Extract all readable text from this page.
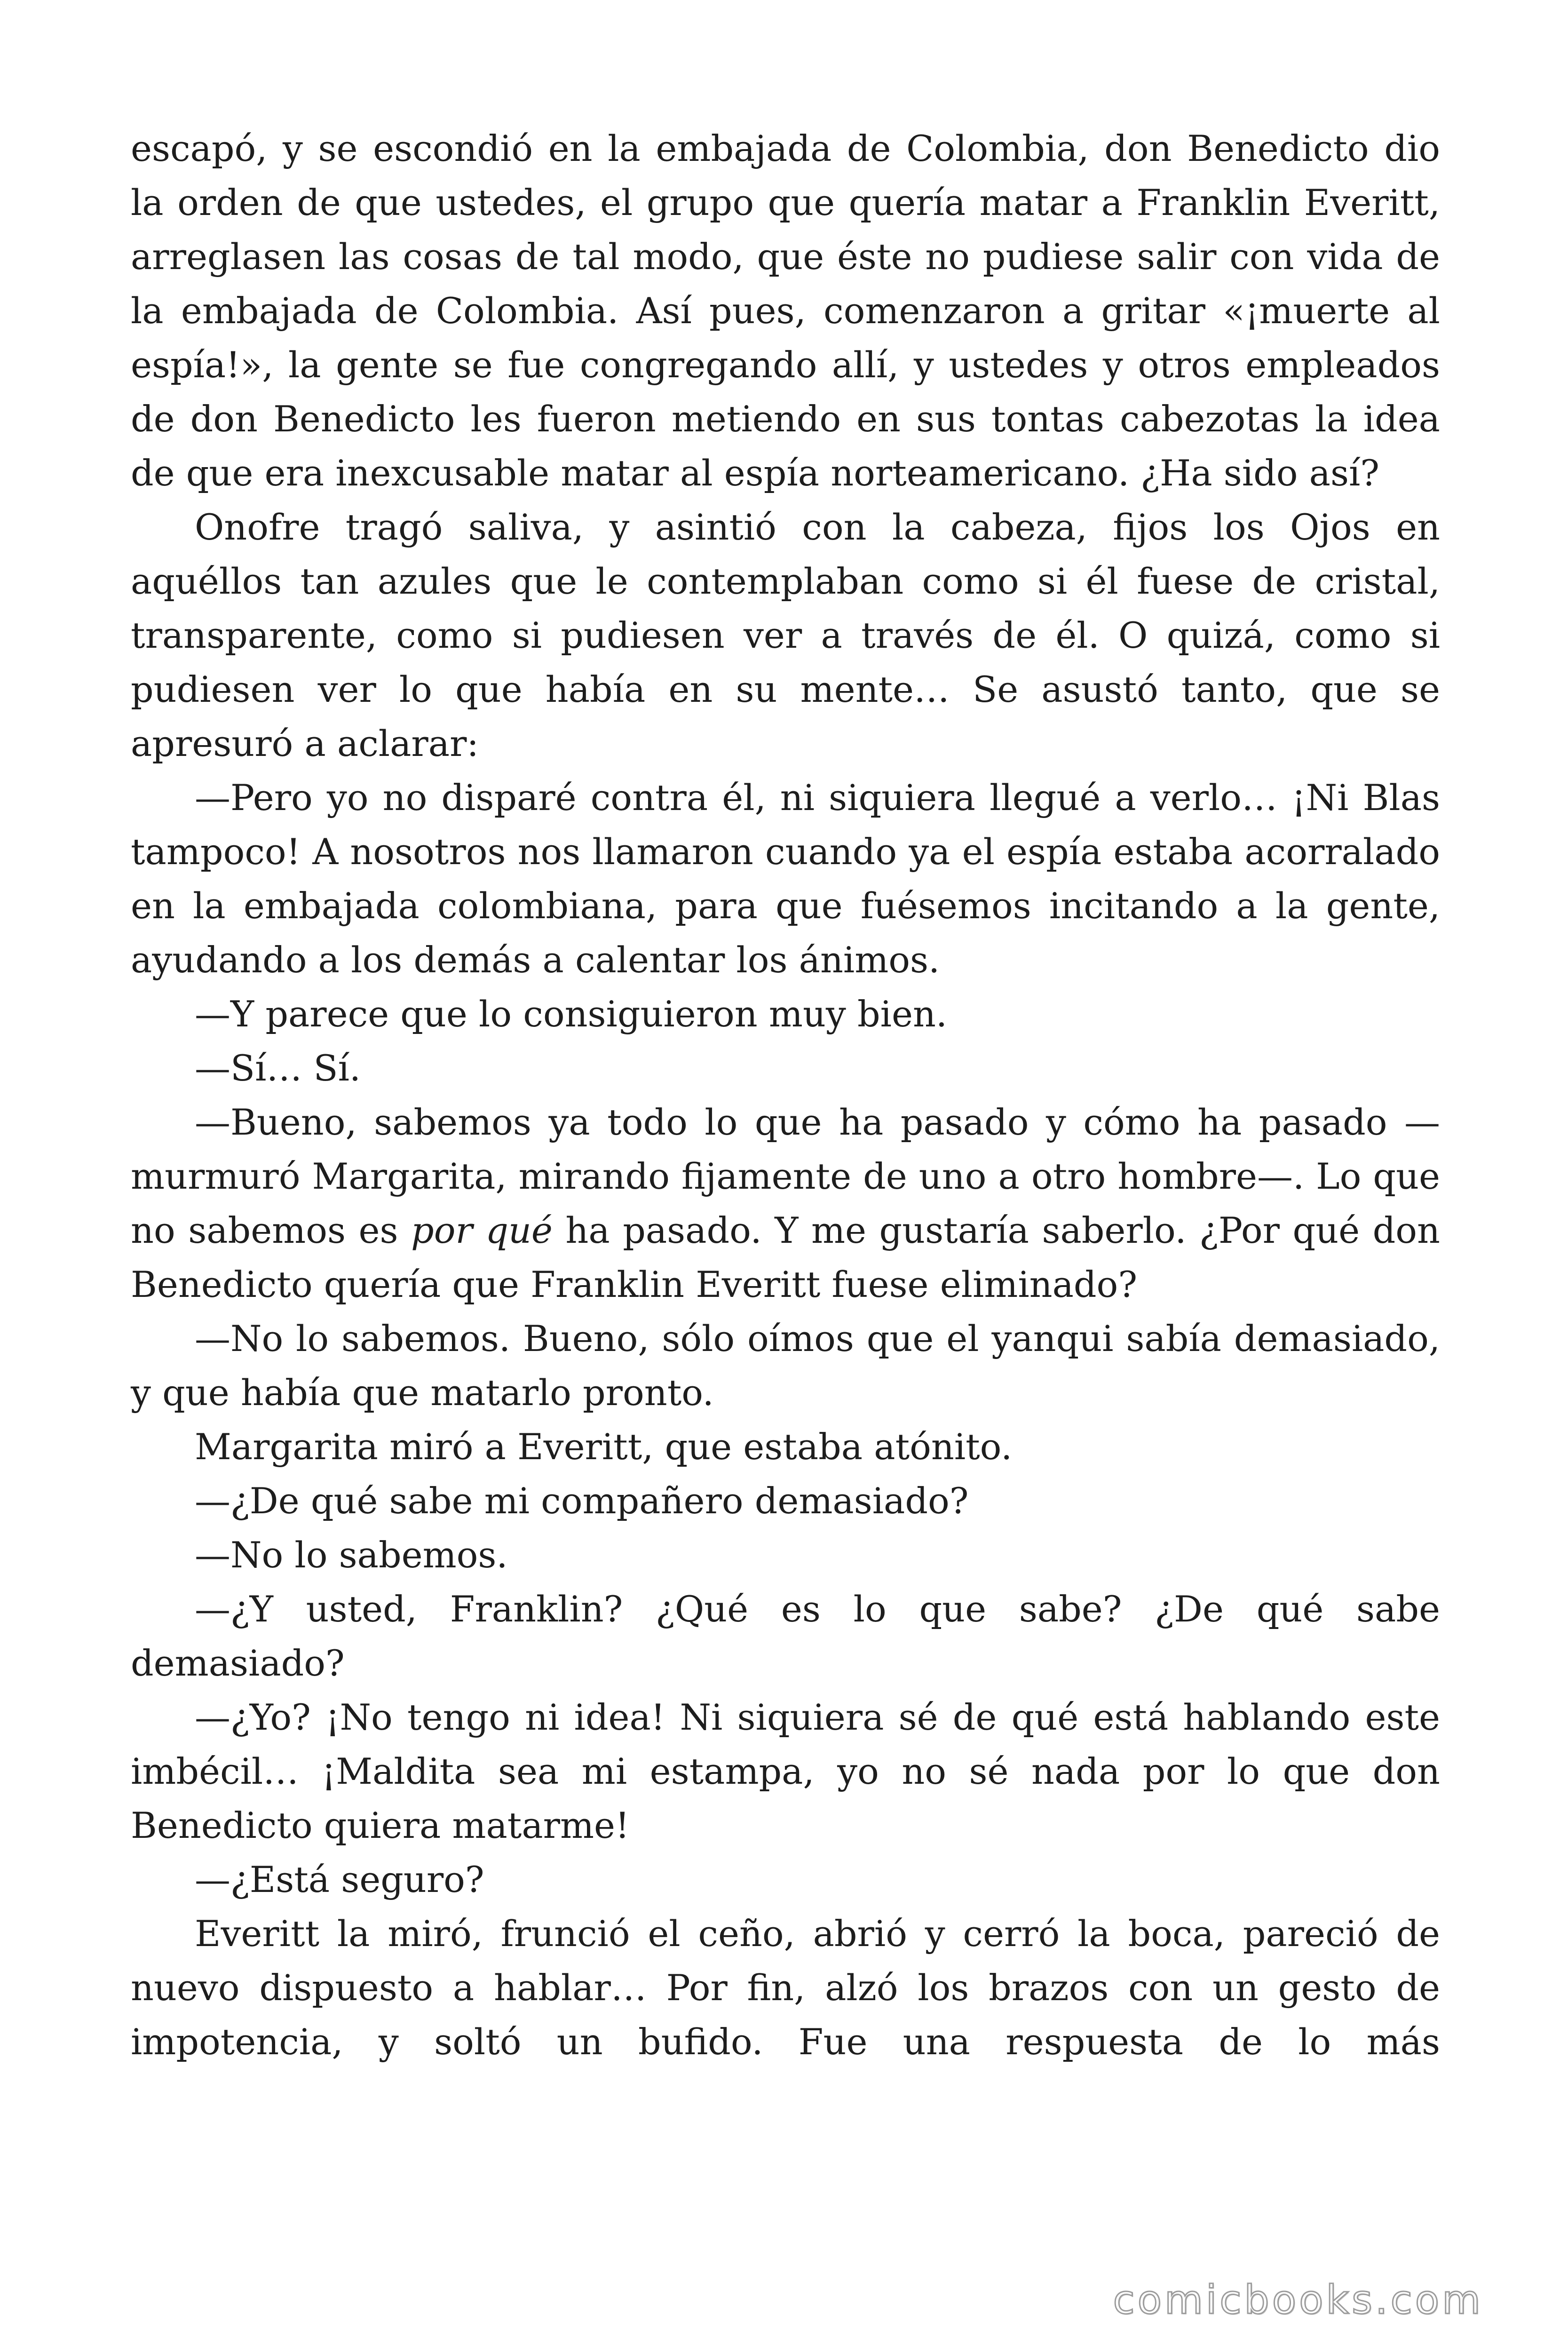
escapó, y se escondió en la embajada de Colombia, don Benedicto dio la orden de que ustedes, el grupo que quería matar a Franklin Everitt, arreglasen las cosas de tal modo, que éste no pudiese salir con vida de la embajada de Colombia. Así pues, comenzaron a gritar «¡muerte al espía!», la gente se fue congregando allí, y ustedes y otros empleados de don Benedicto les fueron metiendo en sus tontas cabezotas la idea de que era inexcusable matar al espía norteamericano. ¿Ha sido así?

Onofre tragó saliva, y asintió con la cabeza, fijos los Ojos en aquéllos tan azules que le contemplaban como si él fuese de cristal, transparente, como si pudiesen ver a través de él. O quizá, como si pudiesen ver lo que había en su mente… Se asustó tanto, que se apresuró a aclarar:

—Pero yo no disparé contra él, ni siquiera llegué a verlo… ¡Ni Blas tampoco! A nosotros nos llamaron cuando ya el espía estaba acorralado en la embajada colombiana, para que fuésemos incitando a la gente, ayudando a los demás a calentar los ánimos.

—Y parece que lo consiguieron muy bien.

—Sí… Sí.

—Bueno, sabemos ya todo lo que ha pasado y cómo ha pasado —murmuró Margarita, mirando fijamente de uno a otro hombre—. Lo que no sabemos es por qué ha pasado. Y me gustaría saberlo. ¿Por qué don Benedicto quería que Franklin Everitt fuese eliminado?

—No lo sabemos. Bueno, sólo oímos que el yanqui sabía demasiado, y que había que matarlo pronto.

Margarita miró a Everitt, que estaba atónito.

—¿De qué sabe mi compañero demasiado?

—No lo sabemos.

—¿Y usted, Franklin? ¿Qué es lo que sabe? ¿De qué sabe demasiado?

—¿Yo? ¡No tengo ni idea! Ni siquiera sé de qué está hablando este imbécil… ¡Maldita sea mi estampa, yo no sé nada por lo que don Benedicto quiera matarme!

—¿Está seguro?

Everitt la miró, frunció el ceño, abrió y cerró la boca, pareció de nuevo dispuesto a hablar… Por fin, alzó los brazos con un gesto de impotencia, y soltó un bufido. Fue una respuesta de lo más

comicbooks.com
